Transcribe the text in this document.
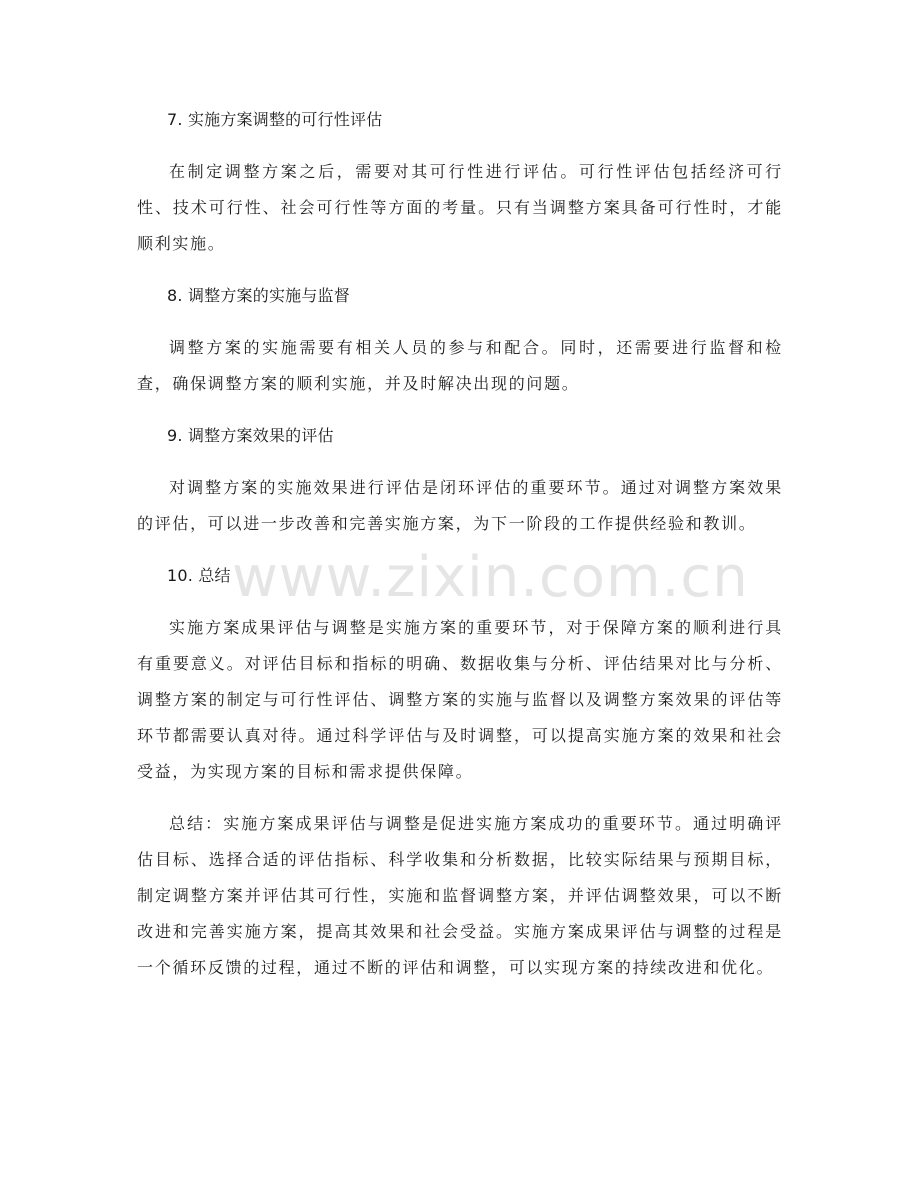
7. 实施方案调整的可行性评估

在制定调整方案之后，需要对其可行性进行评估。可行性评估包括经济可行性、技术可行性、社会可行性等方面的考量。只有当调整方案具备可行性时，才能顺利实施。

8. 调整方案的实施与监督

调整方案的实施需要有相关人员的参与和配合。同时，还需要进行监督和检查，确保调整方案的顺利实施，并及时解决出现的问题。

9. 调整方案效果的评估

对调整方案的实施效果进行评估是闭环评估的重要环节。通过对调整方案效果的评估，可以进一步改善和完善实施方案，为下一阶段的工作提供经验和教训。

10. 总结

实施方案成果评估与调整是实施方案的重要环节，对于保障方案的顺利进行具有重要意义。对评估目标和指标的明确、数据收集与分析、评估结果对比与分析、调整方案的制定与可行性评估、调整方案的实施与监督以及调整方案效果的评估等环节都需要认真对待。通过科学评估与及时调整，可以提高实施方案的效果和社会受益，为实现方案的目标和需求提供保障。

总结：实施方案成果评估与调整是促进实施方案成功的重要环节。通过明确评估目标、选择合适的评估指标、科学收集和分析数据，比较实际结果与预期目标，制定调整方案并评估其可行性，实施和监督调整方案，并评估调整效果，可以不断改进和完善实施方案，提高其效果和社会受益。实施方案成果评估与调整的过程是一个循环反馈的过程，通过不断的评估和调整，可以实现方案的持续改进和优化。

www.zixin.com.cn
